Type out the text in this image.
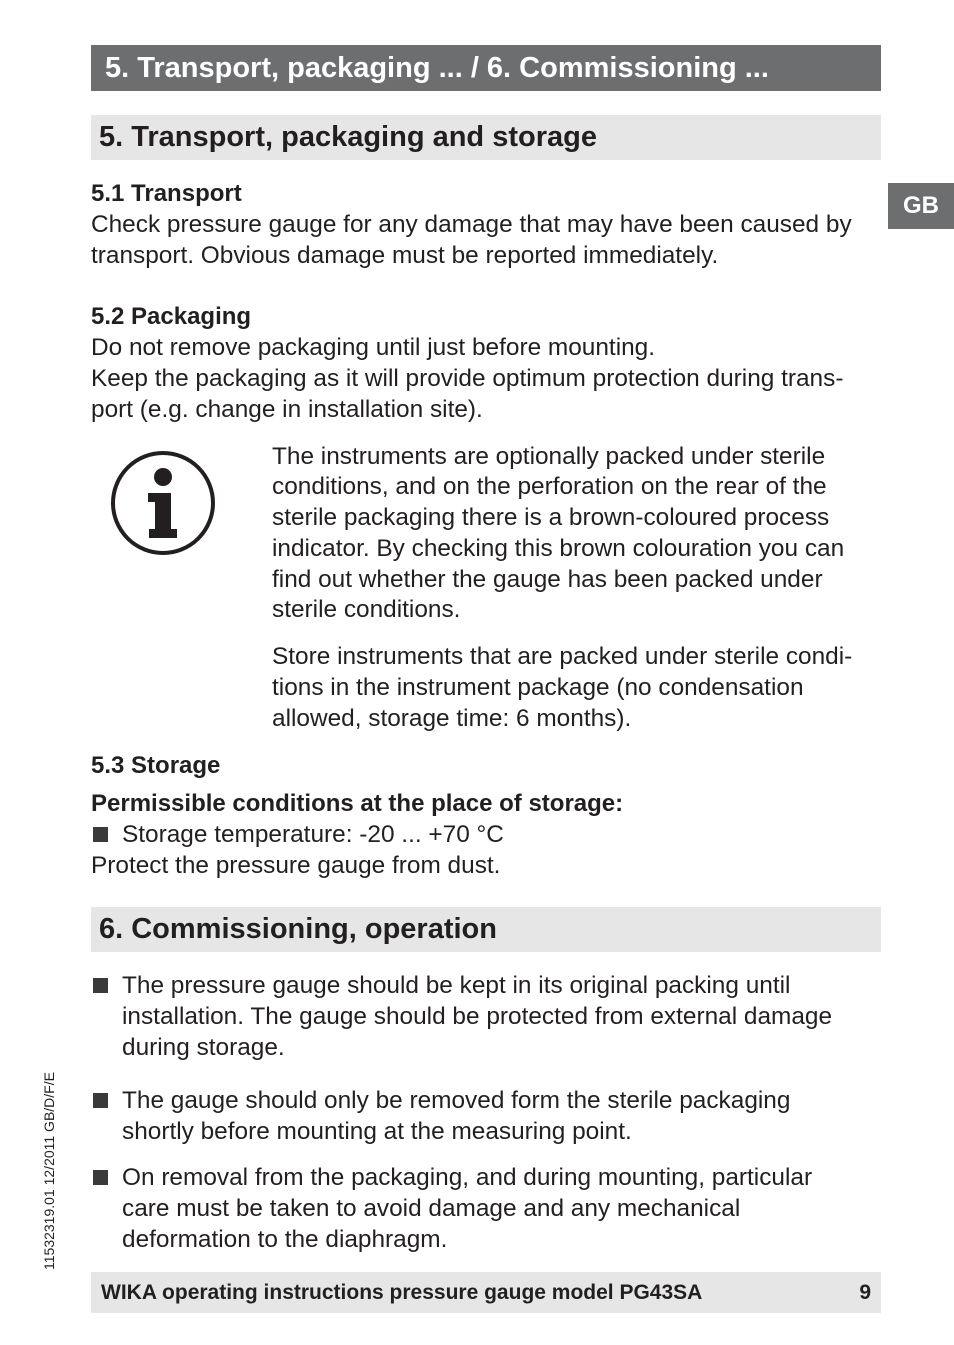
5. Transport, packaging ... / 6. Commissioning ...
GB
5. Transport, packaging and storage
5.1 Transport
Check pressure gauge for any damage that may have been caused by
transport. Obvious damage must be reported immediately.
5.2 Packaging
Do not remove packaging until just before mounting.
Keep the packaging as it will provide optimum protection during trans-
port (e.g. change in installation site).
The instruments are optionally packed under sterile
conditions, and on the perforation on the rear of the
sterile packaging there is a brown-coloured process
indicator. By checking this brown colouration you can
find out whether the gauge has been packed under
sterile conditions.
Store instruments that are packed under sterile condi-
tions in the instrument package (no condensation
allowed, storage time: 6 months).
5.3 Storage
Permissible conditions at the place of storage:
Storage temperature: -20 ... +70 °C
Protect the pressure gauge from dust.
6. Commissioning, operation
The pressure gauge should be kept in its original packing until
installation. The gauge should be protected from external damage
during storage.
The gauge should only be removed form the sterile packaging
shortly before mounting at the measuring point.
On removal from the packaging, and during mounting, particular
care must be taken to avoid damage and any mechanical
deformation to the diaphragm.
11532319.01 12/2011 GB/D/F/E
WIKA operating instructions pressure gauge model PG43SA	9
